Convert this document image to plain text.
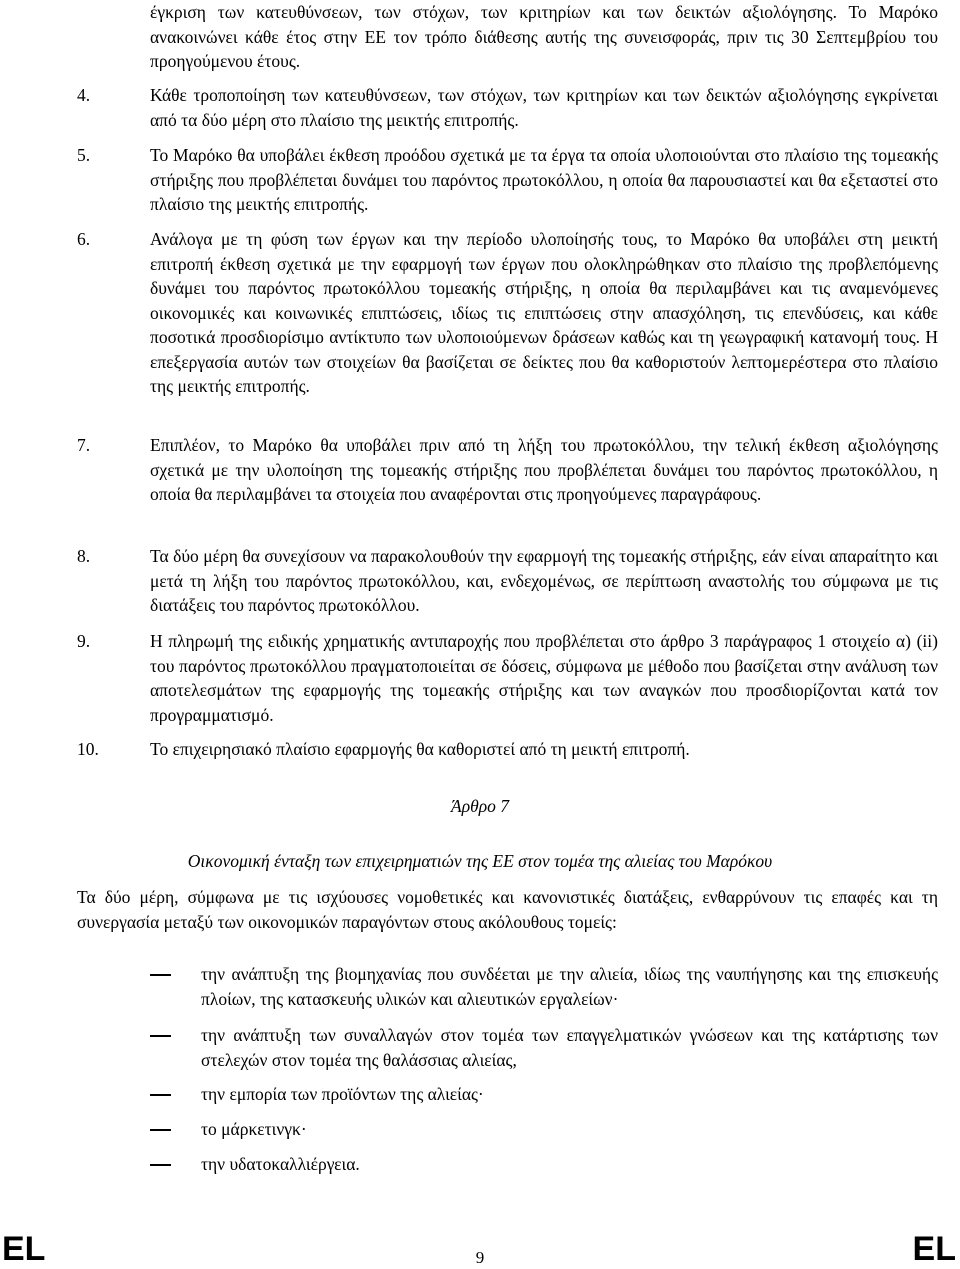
έγκριση των κατευθύνσεων, των στόχων, των κριτηρίων και των δεικτών αξιολόγησης. Το Μαρόκο ανακοινώνει κάθε έτος στην ΕΕ τον τρόπο διάθεσης αυτής της συνεισφοράς, πριν τις 30 Σεπτεμβρίου του προηγούμενου έτους.
4.	Κάθε τροποποίηση των κατευθύνσεων, των στόχων, των κριτηρίων και των δεικτών αξιολόγησης εγκρίνεται από τα δύο μέρη στο πλαίσιο της μεικτής επιτροπής.
5.	Το Μαρόκο θα υποβάλει έκθεση προόδου σχετικά με τα έργα τα οποία υλοποιούνται στο πλαίσιο της τομεακής στήριξης που προβλέπεται δυνάμει του παρόντος πρωτοκόλλου, η οποία θα παρουσιαστεί και θα εξεταστεί στο πλαίσιο της μεικτής επιτροπής.
6.	Ανάλογα με τη φύση των έργων και την περίοδο υλοποίησής τους, το Μαρόκο θα υποβάλει στη μεικτή επιτροπή έκθεση σχετικά με την εφαρμογή των έργων που ολοκληρώθηκαν στο πλαίσιο της προβλεπόμενης δυνάμει του παρόντος πρωτοκόλλου τομεακής στήριξης, η οποία θα περιλαμβάνει και τις αναμενόμενες οικονομικές και κοινωνικές επιπτώσεις, ιδίως τις επιπτώσεις στην απασχόληση, τις επενδύσεις, και κάθε ποσοτικά προσδιορίσιμο αντίκτυπο των υλοποιούμενων δράσεων καθώς και τη γεωγραφική κατανομή τους. Η επεξεργασία αυτών των στοιχείων θα βασίζεται σε δείκτες που θα καθοριστούν λεπτομερέστερα στο πλαίσιο της μεικτής επιτροπής.
7.	Επιπλέον, το Μαρόκο θα υποβάλει πριν από τη λήξη του πρωτοκόλλου, την τελική έκθεση αξιολόγησης σχετικά με την υλοποίηση της τομεακής στήριξης που προβλέπεται δυνάμει του παρόντος πρωτοκόλλου, η οποία θα περιλαμβάνει τα στοιχεία που αναφέρονται στις προηγούμενες παραγράφους.
8.	Τα δύο μέρη θα συνεχίσουν να παρακολουθούν την εφαρμογή της τομεακής στήριξης, εάν είναι απαραίτητο και μετά τη λήξη του παρόντος πρωτοκόλλου, και, ενδεχομένως, σε περίπτωση αναστολής του σύμφωνα με τις διατάξεις του παρόντος πρωτοκόλλου.
9.	Η πληρωμή της ειδικής χρηματικής αντιπαροχής που προβλέπεται στο άρθρο 3 παράγραφος 1 στοιχείο α) (ii) του παρόντος πρωτοκόλλου πραγματοποιείται σε δόσεις, σύμφωνα με μέθοδο που βασίζεται στην ανάλυση των αποτελεσμάτων της εφαρμογής της τομεακής στήριξης και των αναγκών που προσδιορίζονται κατά τον προγραμματισμό.
10.	Το επιχειρησιακό πλαίσιο εφαρμογής θα καθοριστεί από τη μεικτή επιτροπή.
Άρθρο 7
Οικονομική ένταξη των επιχειρηματιών της ΕΕ στον τομέα της αλιείας του Μαρόκου
Τα δύο μέρη, σύμφωνα με τις ισχύουσες νομοθετικές και κανονιστικές διατάξεις, ενθαρρύνουν τις επαφές και τη συνεργασία μεταξύ των οικονομικών παραγόντων στους ακόλουθους τομείς:
την ανάπτυξη της βιομηχανίας που συνδέεται με την αλιεία, ιδίως της ναυπήγησης και της επισκευής πλοίων, της κατασκευής υλικών και αλιευτικών εργαλείων·
την ανάπτυξη των συναλλαγών στον τομέα των επαγγελματικών γνώσεων και της κατάρτισης των στελεχών στον τομέα της θαλάσσιας αλιείας,
την εμπορία των προϊόντων της αλιείας·
το μάρκετινγκ·
την υδατοκαλλιέργεια.
EL	9	EL
